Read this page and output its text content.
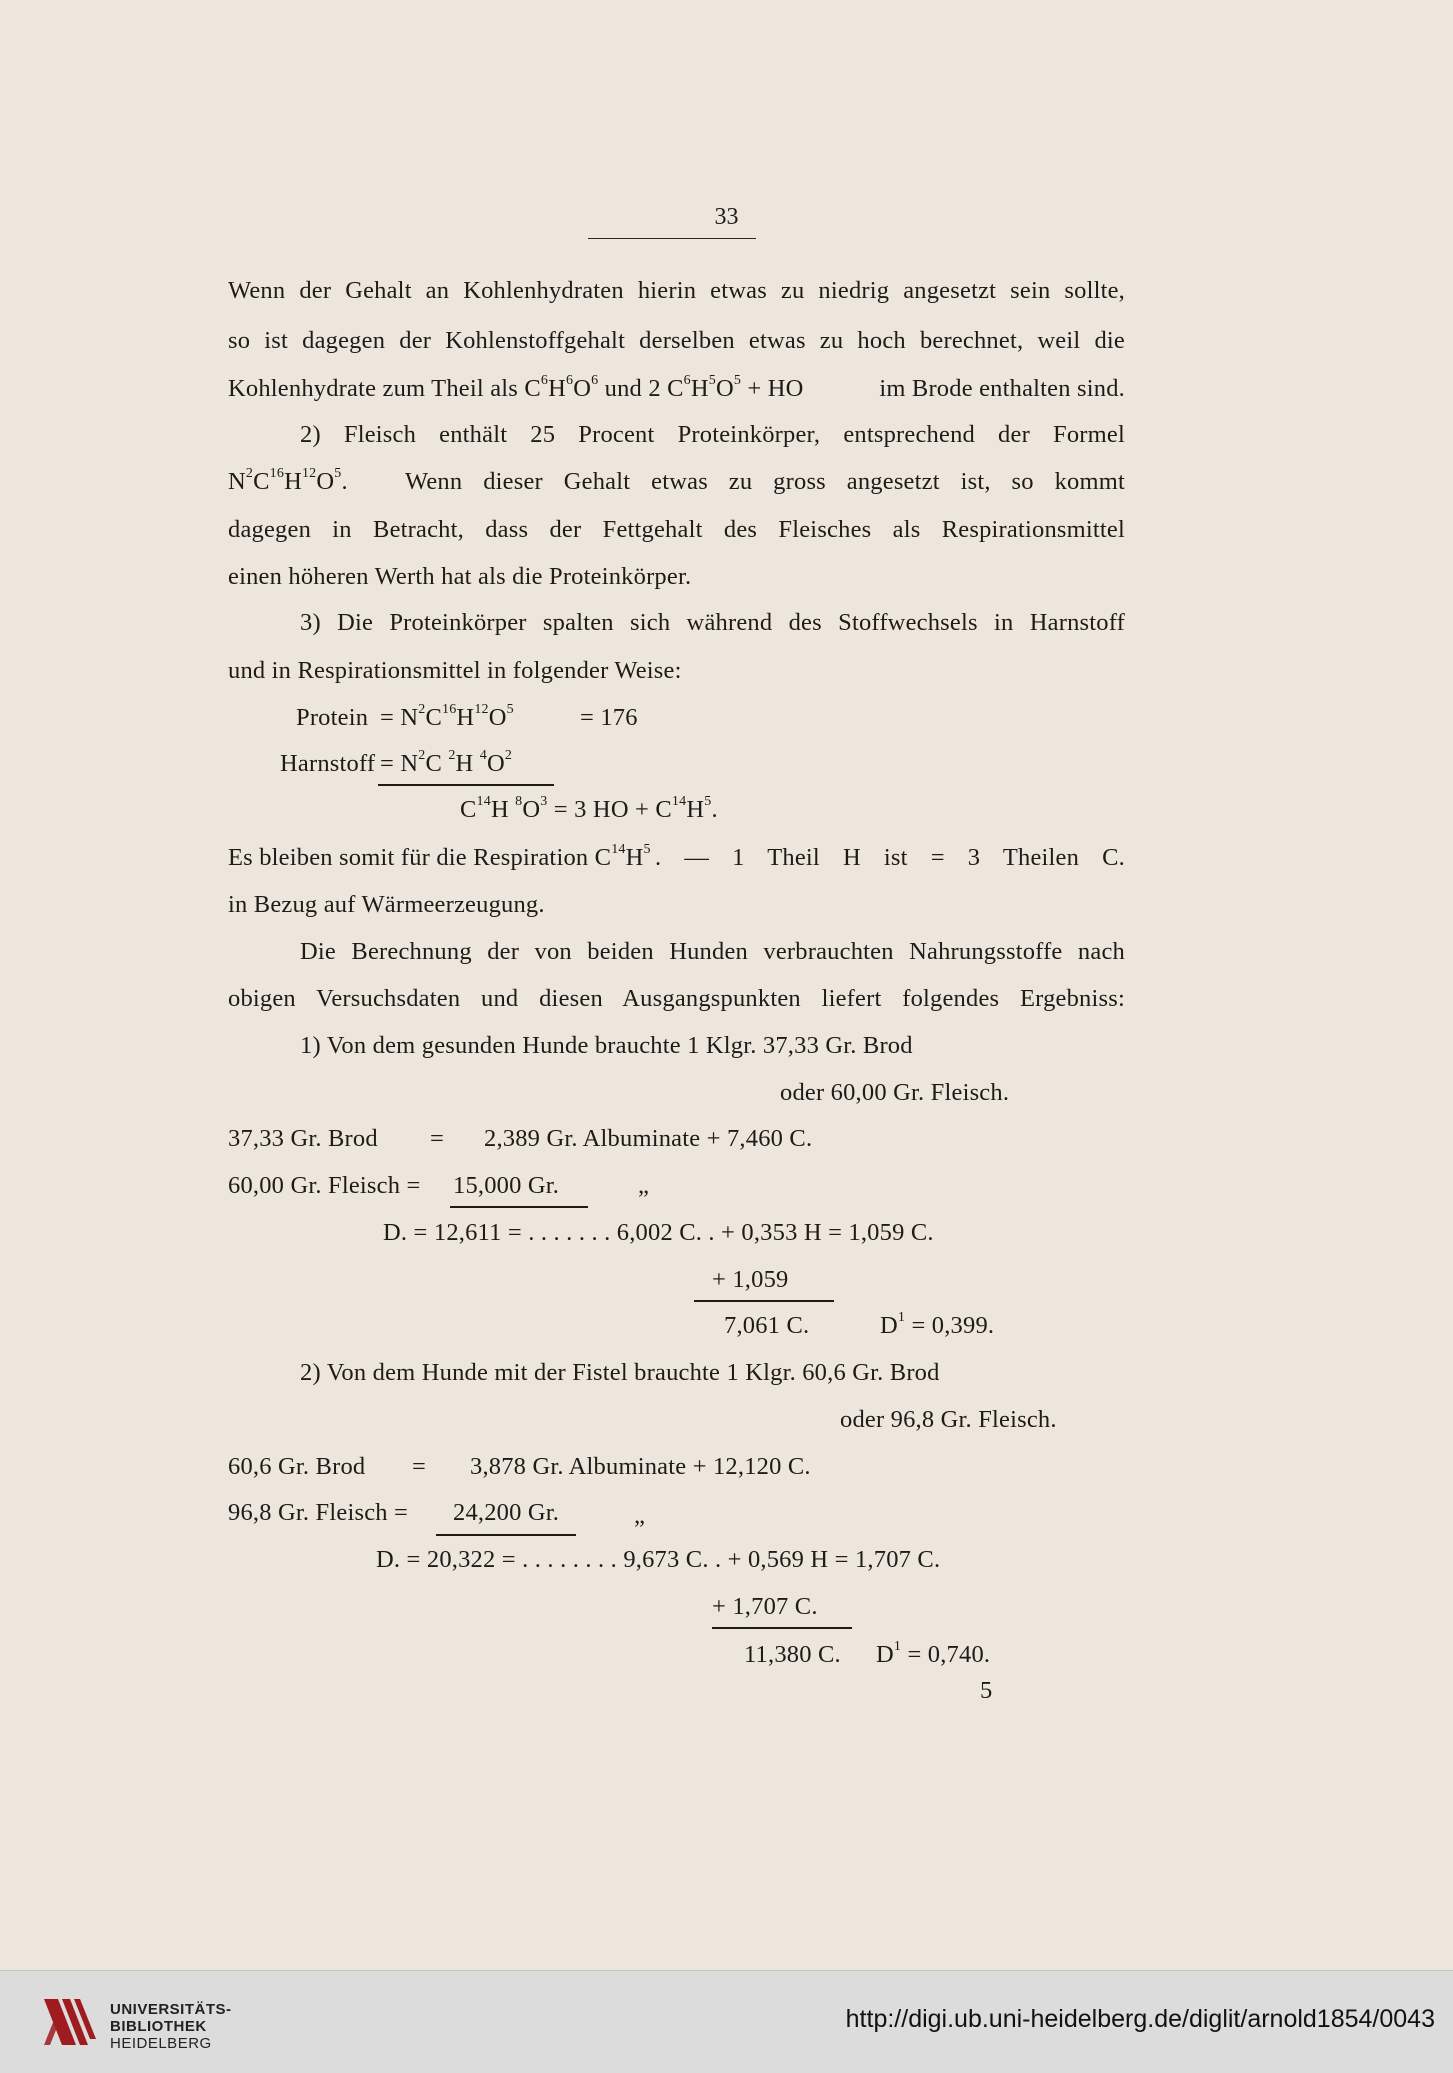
33
Wenn der Gehalt an Kohlenhydraten hierin etwas zu niedrig angesetzt sein sollte,
so ist dagegen der Kohlenstoffgehalt derselben etwas zu hoch berechnet, weil die
Kohlenhydrate zum Theil als $C^6H^6O^6$ und 2 $C^6H^5O^5$ + HO	im Brode enthalten sind.
2) Fleisch enthält 25 Procent Proteinkörper, entsprechend der Formel
$N^2C^{16}H^{12}O^5$. Wenn dieser Gehalt etwas zu gross angesetzt ist, so kommt
dagegen in Betracht, dass der Fettgehalt des Fleisches als Respirationsmittel
einen höheren Werth hat als die Proteinkörper.
3) Die Proteinkörper spalten sich während des Stoffwechsels in Harnstoff
und in Respirationsmittel in folgender Weise:
Protein = $N^2C^{16}H^{12}O^5$	= 176
Harnstoff = $N^2C$ $^2$H $^4O^2$
$C^{14}H$ $^8O^3 = 3$ HO + $C^{14}H^5$.
Es bleiben somit für die Respiration $C^{14}H^5$ . — 1 Theil H ist = 3 Theilen C.
in Bezug auf Wärmeerzeugung.
Die Berechnung der von beiden Hunden verbrauchten Nahrungsstoffe nach
obigen Versuchsdaten und diesen Ausgangspunkten liefert folgendes Ergebniss:
1) Von dem gesunden Hunde brauchte 1 Klgr. 37,33 Gr. Brod
oder 60,00 Gr. Fleisch.
37,33 Gr. Brod = 2,389 Gr. Albuminate + 7,460 C.
60,00 Gr. Fleisch = 15,000 Gr.	„
D. = 12,611 = . . . . . . . 6,002 C. . + 0,353 H = 1,059 C.
+ 1,059
7,061 C.	$D^1 = 0,399$.
2) Von dem Hunde mit der Fistel brauchte 1 Klgr. 60,6 Gr. Brod
oder 96,8 Gr. Fleisch.
60,6 Gr. Brod = 3,878 Gr. Albuminate + 12,120 C.
96,8 Gr. Fleisch = 24,200 Gr.	„
D. = 20,322 = . . . . . . . . 9,673 C. . + 0,569 H = 1,707 C.
+ 1,707 C.
11,380 C. $D^1 = 0,740$.
5
UNIVERSITÄTS-
BIBLIOTHEK
HEIDELBERG
http://digi.ub.uni-heidelberg.de/diglit/arnold1854/0043
